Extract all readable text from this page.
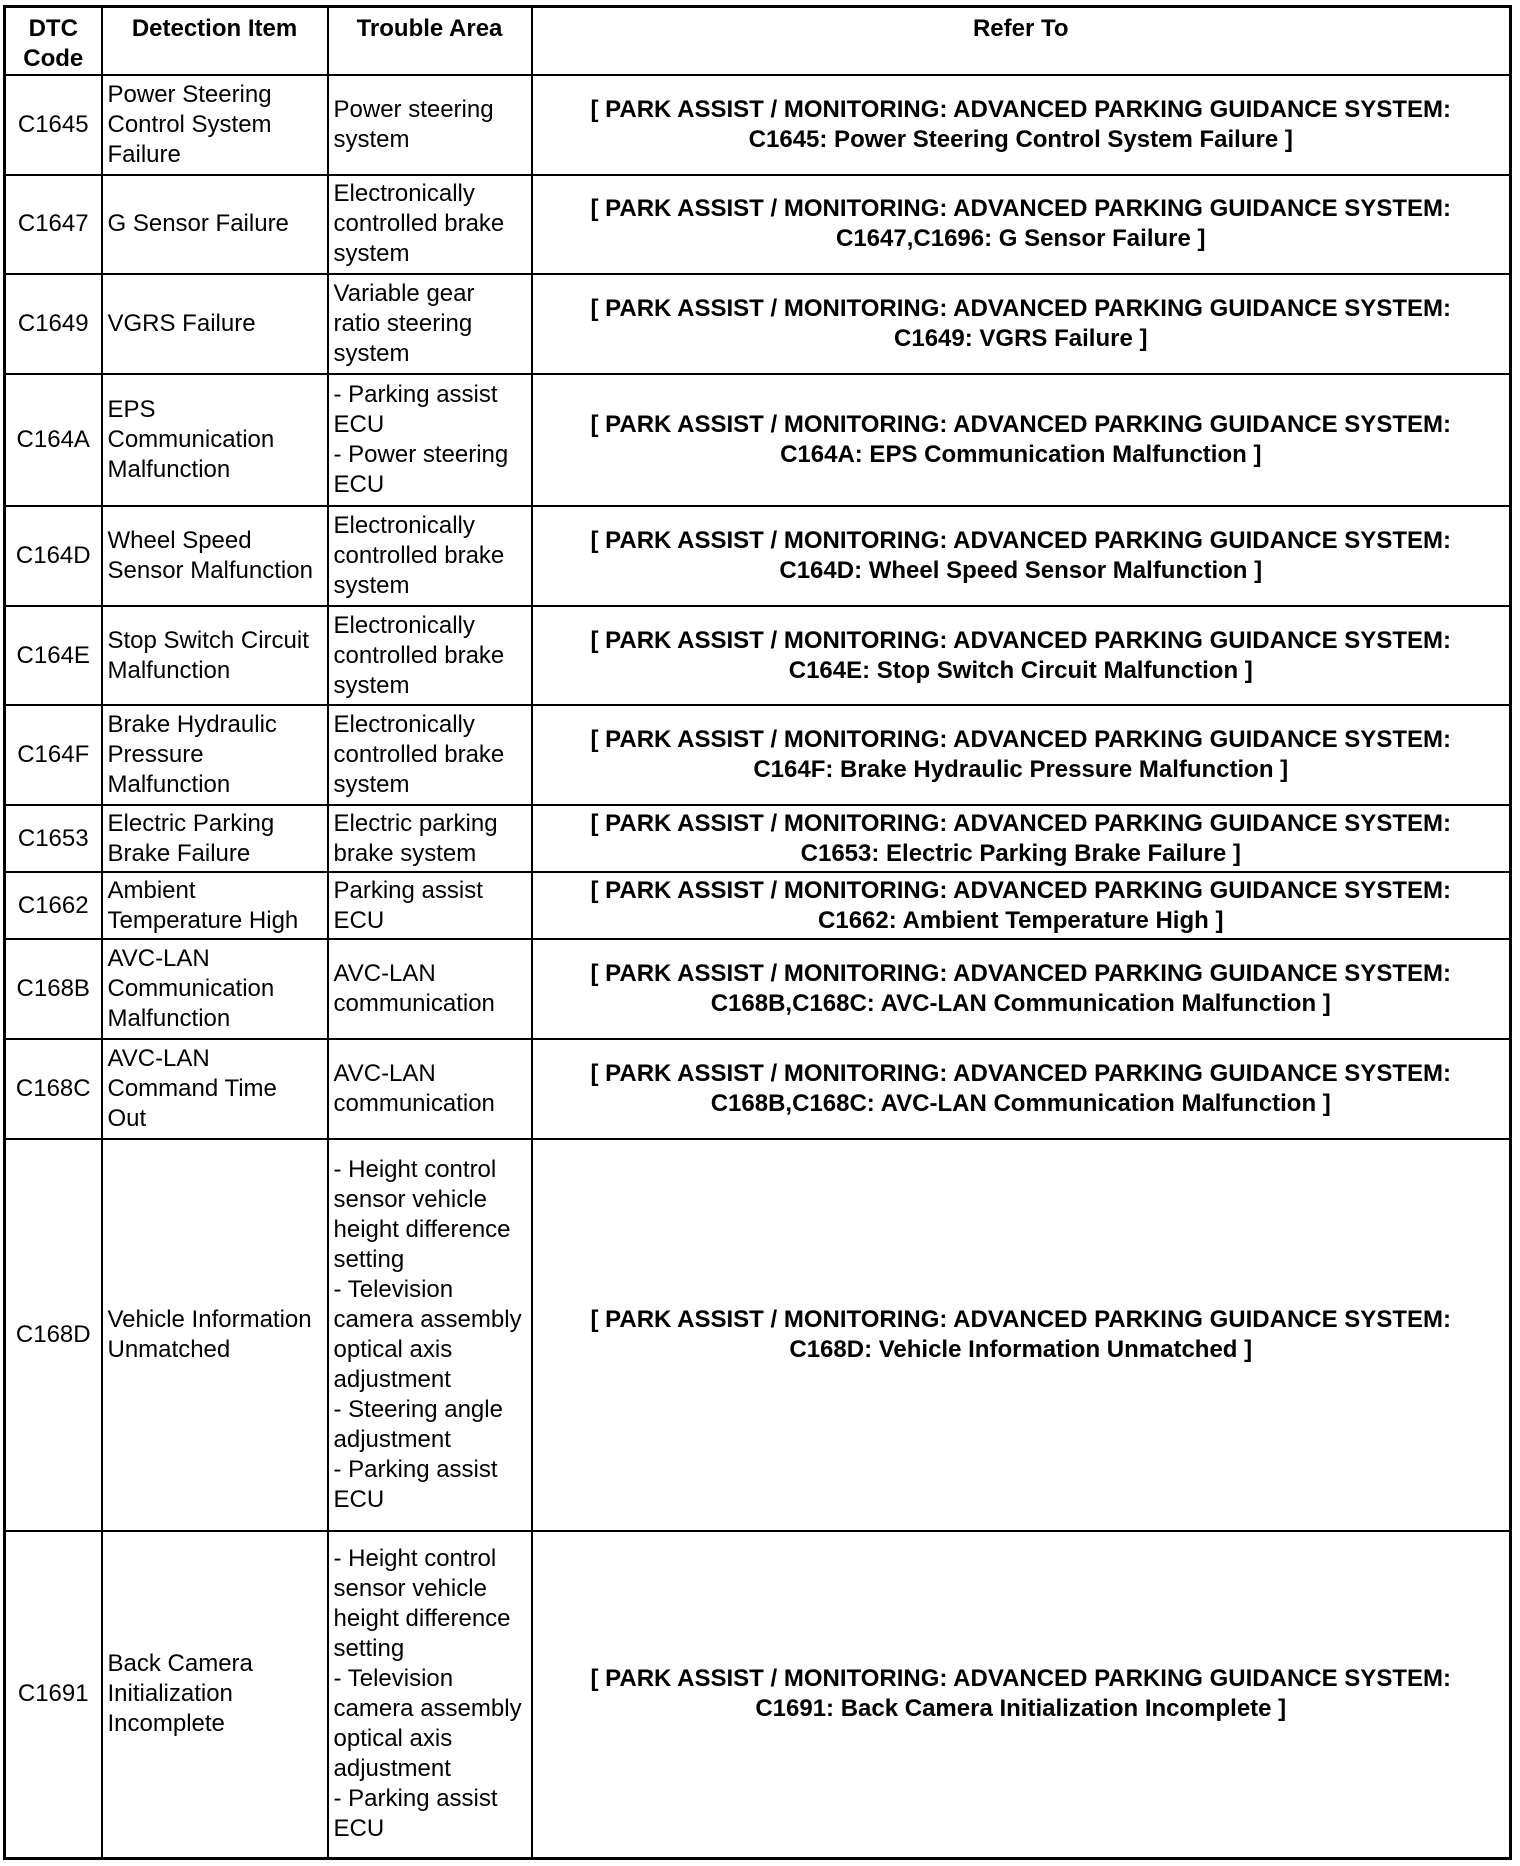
DTC
Code	Detection Item	Trouble Area	Refer To
C1645	Power Steering Control System Failure	Power steering system	[ PARK ASSIST / MONITORING: ADVANCED PARKING GUIDANCE SYSTEM:
C1645: Power Steering Control System Failure ]

C1647	G Sensor Failure	Electronically controlled brake system	[ PARK ASSIST / MONITORING: ADVANCED PARKING GUIDANCE SYSTEM:
C1647,C1696: G Sensor Failure ]

C1649	VGRS Failure	Variable gear ratio steering system	[ PARK ASSIST / MONITORING: ADVANCED PARKING GUIDANCE SYSTEM:
C1649: VGRS Failure ]

C164A	EPS Communication Malfunction	- Parking assist ECU
- Power steering ECU	[ PARK ASSIST / MONITORING: ADVANCED PARKING GUIDANCE SYSTEM:
C164A: EPS Communication Malfunction ]

C164D	Wheel Speed Sensor Malfunction	Electronically controlled brake system	[ PARK ASSIST / MONITORING: ADVANCED PARKING GUIDANCE SYSTEM:
C164D: Wheel Speed Sensor Malfunction ]

C164E	Stop Switch Circuit Malfunction	Electronically controlled brake system	[ PARK ASSIST / MONITORING: ADVANCED PARKING GUIDANCE SYSTEM:
C164E: Stop Switch Circuit Malfunction ]

C164F	Brake Hydraulic Pressure Malfunction	Electronically controlled brake system	[ PARK ASSIST / MONITORING: ADVANCED PARKING GUIDANCE SYSTEM:
C164F: Brake Hydraulic Pressure Malfunction ]

C1653	Electric Parking Brake Failure	Electric parking brake system	[ PARK ASSIST / MONITORING: ADVANCED PARKING GUIDANCE SYSTEM:
C1653: Electric Parking Brake Failure ]

C1662	Ambient Temperature High	Parking assist ECU	[ PARK ASSIST / MONITORING: ADVANCED PARKING GUIDANCE SYSTEM:
C1662: Ambient Temperature High ]

C168B	AVC-LAN Communication Malfunction	AVC-LAN communication	[ PARK ASSIST / MONITORING: ADVANCED PARKING GUIDANCE SYSTEM:
C168B,C168C: AVC-LAN Communication Malfunction ]

C168C	AVC-LAN Command Time Out	AVC-LAN communication	[ PARK ASSIST / MONITORING: ADVANCED PARKING GUIDANCE SYSTEM:
C168B,C168C: AVC-LAN Communication Malfunction ]

C168D	Vehicle Information Unmatched	- Height control sensor vehicle height difference setting
- Television camera assembly optical axis adjustment
- Steering angle adjustment
- Parking assist ECU	[ PARK ASSIST / MONITORING: ADVANCED PARKING GUIDANCE SYSTEM:
C168D: Vehicle Information Unmatched ]

C1691	Back Camera Initialization Incomplete	- Height control sensor vehicle height difference setting
- Television camera assembly optical axis adjustment
- Parking assist ECU	[ PARK ASSIST / MONITORING: ADVANCED PARKING GUIDANCE SYSTEM:
C1691: Back Camera Initialization Incomplete ]
